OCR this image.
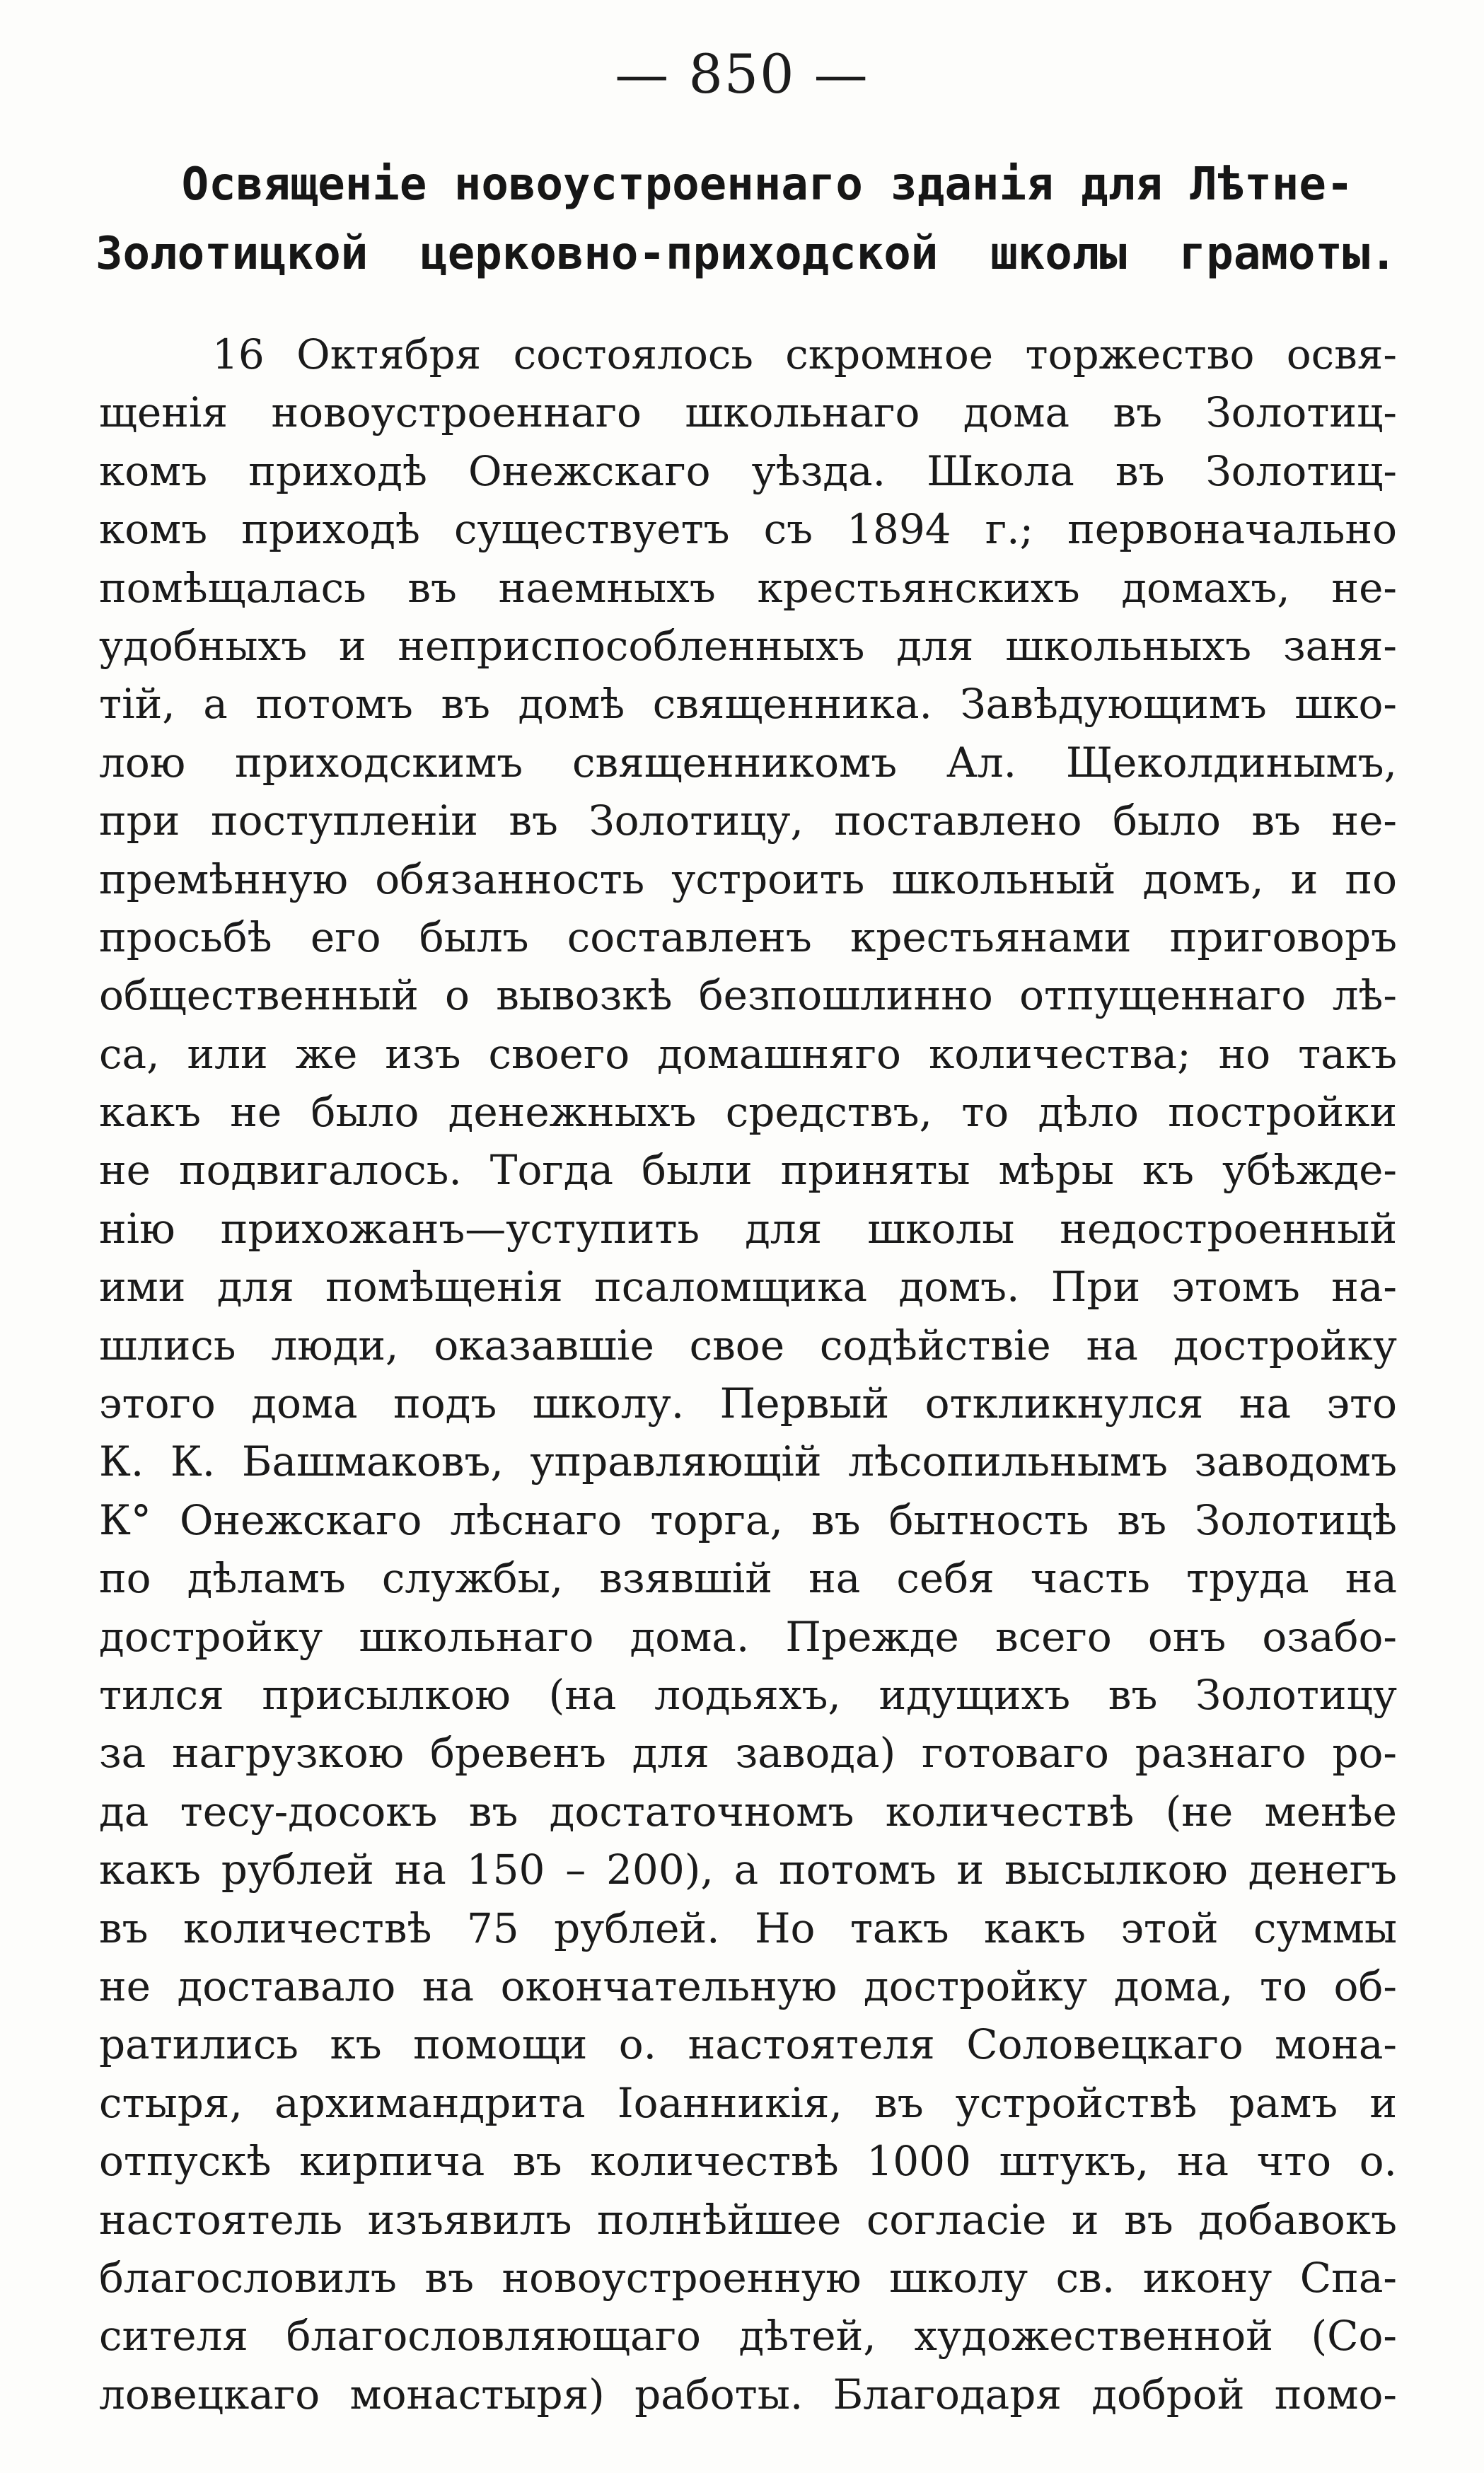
— 850 —
Освященіе новоустроеннаго зданія для Лѣтне-
Золотицкой церковно-приходской школы грамоты.
16 Октября состоялось скромное торжество освя-
щенія новоустроеннаго школьнаго дома въ Золотиц-
комъ приходѣ Онежскаго уѣзда. Школа въ Золотиц-
комъ приходѣ существуетъ съ 1894 г.; первоначально
помѣщалась въ наемныхъ крестьянскихъ домахъ, не-
удобныхъ и неприспособленныхъ для школьныхъ заня-
тій, а потомъ въ домѣ священника. Завѣдующимъ шко-
лою приходскимъ священникомъ Ал. Щеколдинымъ,
при поступленіи въ Золотицу, поставлено было въ не-
премѣнную обязанность устроить школьный домъ, и по
просьбѣ его былъ составленъ крестьянами приговоръ
общественный о вывозкѣ безпошлинно отпущеннаго лѣ-
са, или же изъ своего домашняго количества; но такъ
какъ не было денежныхъ средствъ, то дѣло постройки
не подвигалось. Тогда были приняты мѣры къ убѣжде-
нію прихожанъ—уступить для школы недостроенный
ими для помѣщенія псаломщика домъ. При этомъ на-
шлись люди, оказавшіе свое содѣйствіе на достройку
этого дома подъ школу. Первый откликнулся на это
К. К. Башмаковъ, управляющій лѣсопильнымъ заводомъ
К° Онежскаго лѣснаго торга, въ бытность въ Золотицѣ
по дѣламъ службы, взявшій на себя часть труда на
достройку школьнаго дома. Прежде всего онъ озабо-
тился присылкою (на лодьяхъ, идущихъ въ Золотицу
за нагрузкою бревенъ для завода) готоваго разнаго ро-
да тесу-досокъ въ достаточномъ количествѣ (не менѣе
какъ рублей на 150 – 200), а потомъ и высылкою денегъ
въ количествѣ 75 рублей. Но такъ какъ этой суммы
не доставало на окончательную достройку дома, то об-
ратились къ помощи о. настоятеля Соловецкаго мона-
стыря, архимандрита Іоанникія, въ устройствѣ рамъ и
отпускѣ кирпича въ количествѣ 1000 штукъ, на что о.
настоятель изъявилъ полнѣйшее согласіе и въ добавокъ
благословилъ въ новоустроенную школу св. икону Спа-
сителя благословляющаго дѣтей, художественной (Со-
ловецкаго монастыря) работы. Благодаря доброй помо-
